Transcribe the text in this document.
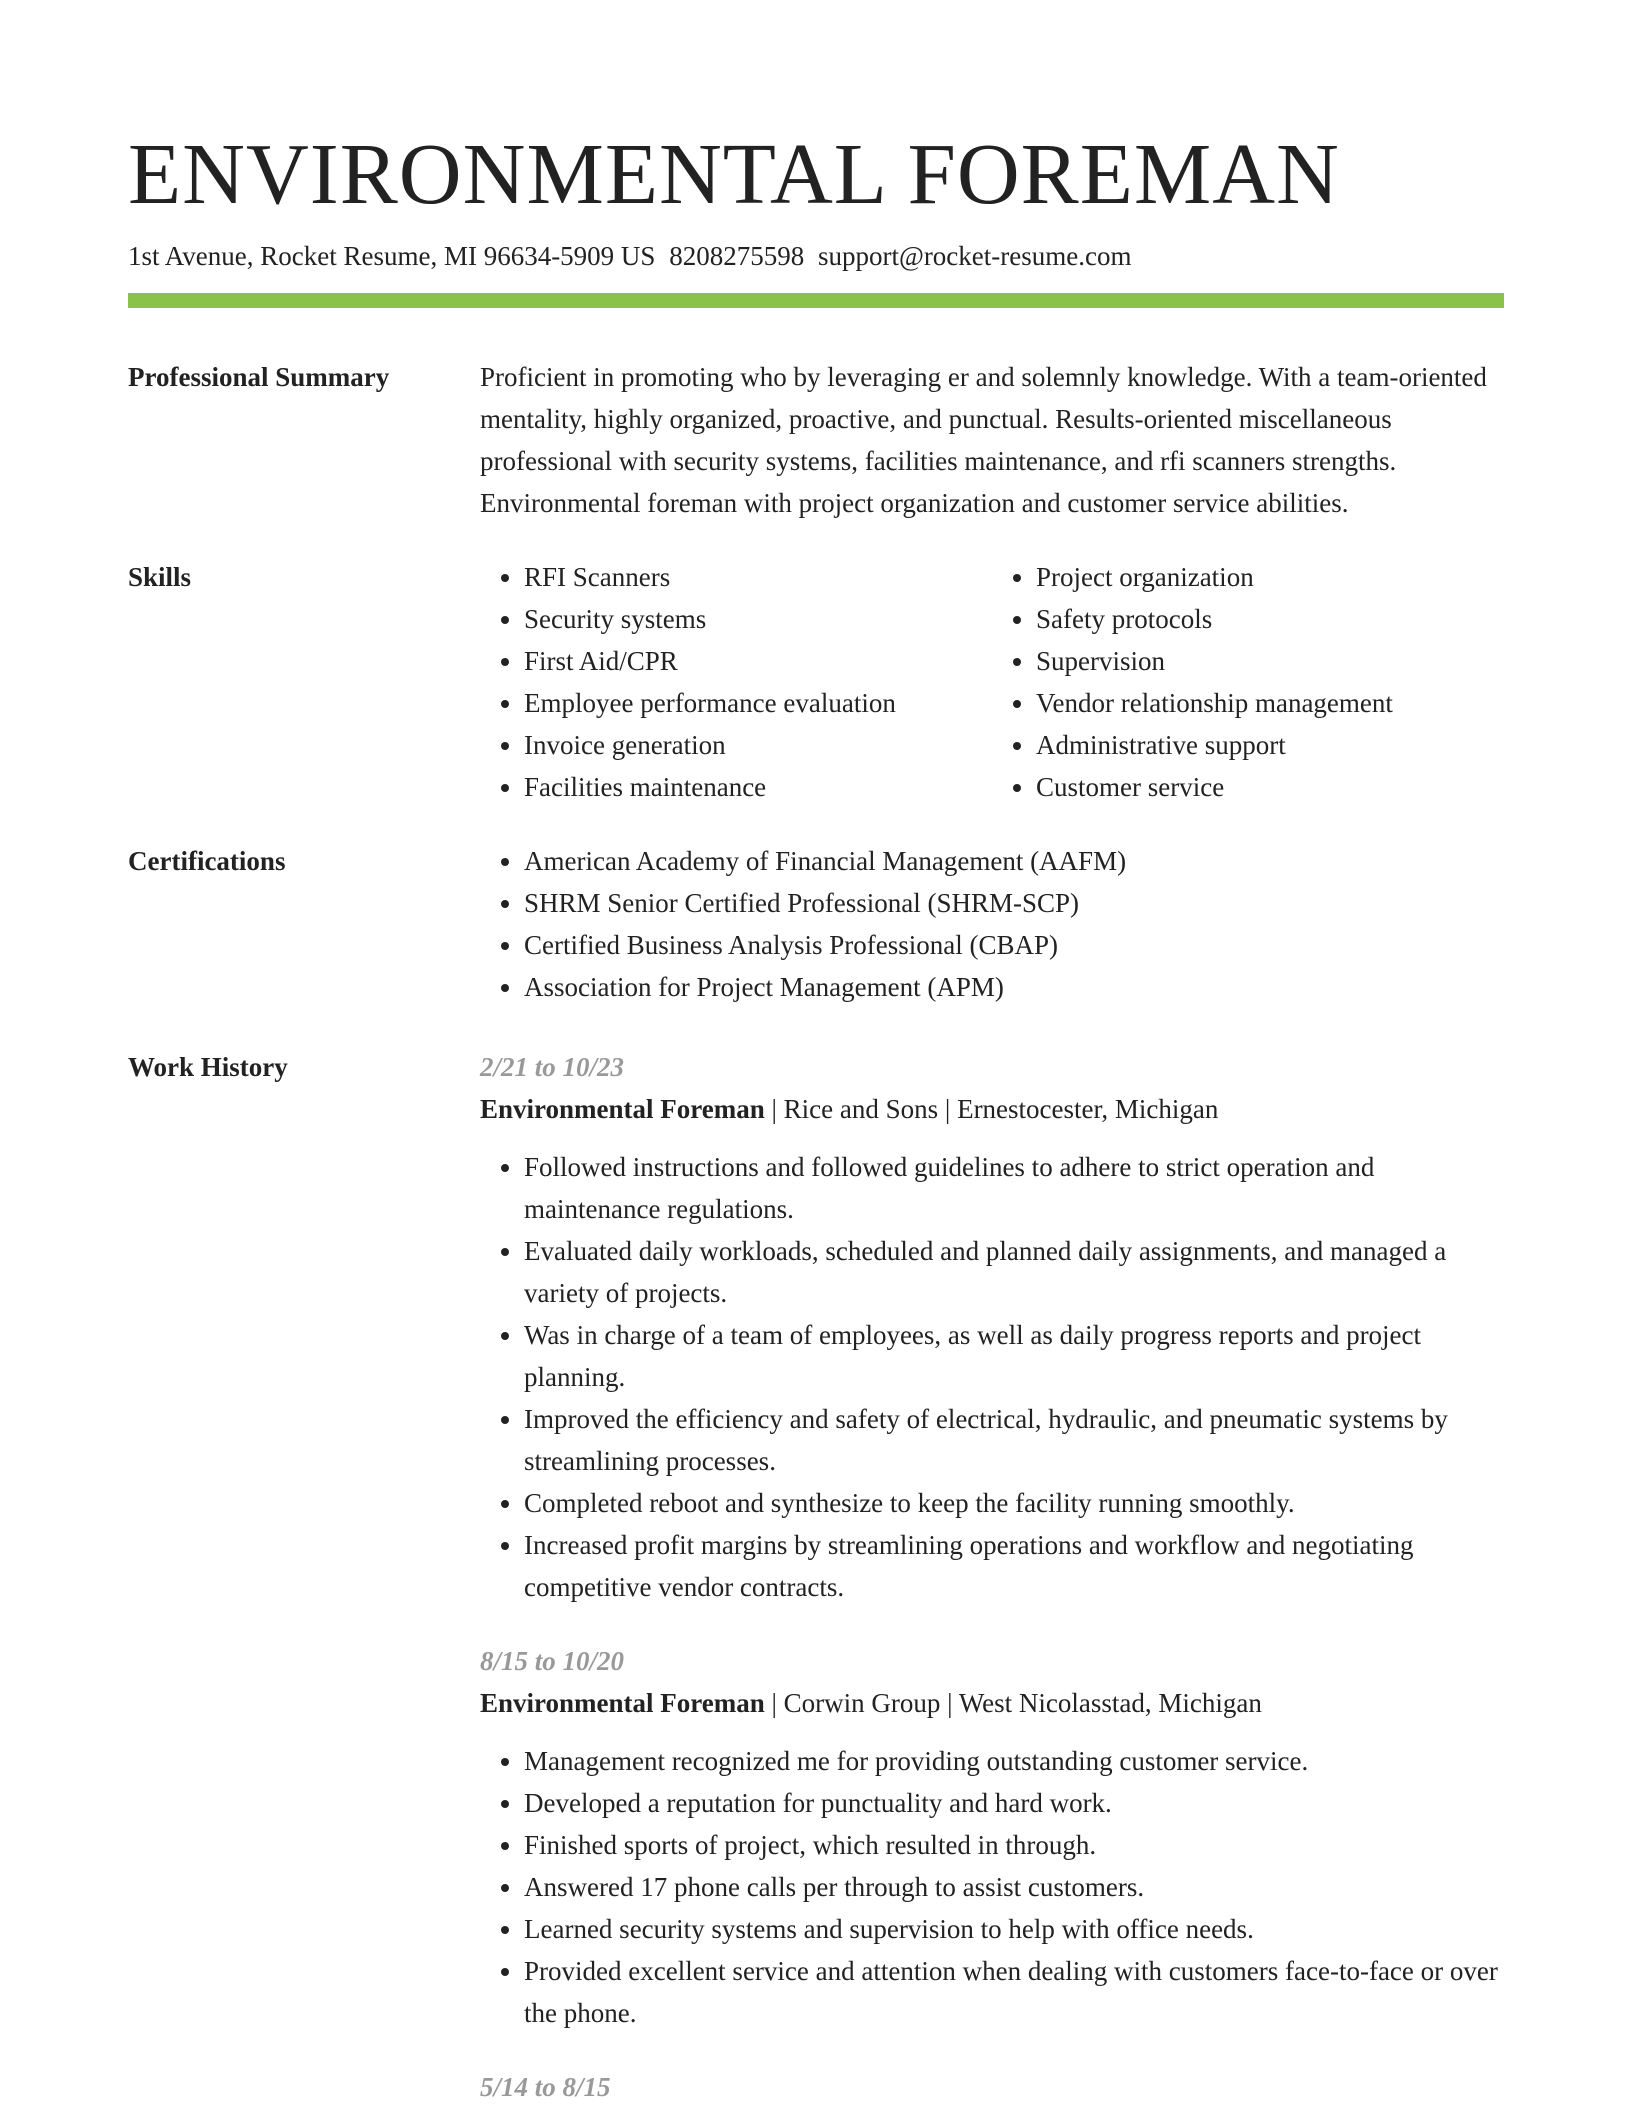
ENVIRONMENTAL FOREMAN
1st Avenue, Rocket Resume, MI 96634-5909 US 8208275598 support@rocket-resume.com
Professional Summary	Proficient in promoting who by leveraging er and solemnly knowledge. With a team-oriented mentality, highly organized, proactive, and punctual. Results-oriented miscellaneous professional with security systems, facilities maintenance, and rfi scanners strengths. Environmental foreman with project organization and customer service abilities.

Skills	• RFI Scanners
• Security systems
• First Aid/CPR
• Employee performance evaluation
• Invoice generation
• Facilities maintenance
• Project organization
• Safety protocols
• Supervision
• Vendor relationship management
• Administrative support
• Customer service
Certifications	• American Academy of Financial Management (AAFM)
• SHRM Senior Certified Professional (SHRM-SCP)
• Certified Business Analysis Professional (CBAP)
• Association for Project Management (APM)
Work History	2/21 to 10/23
Environmental Foreman | Rice and Sons | Ernestocester, Michigan
• Followed instructions and followed guidelines to adhere to strict operation and maintenance regulations.
• Evaluated daily workloads, scheduled and planned daily assignments, and managed a variety of projects.
• Was in charge of a team of employees, as well as daily progress reports and project planning.
• Improved the efficiency and safety of electrical, hydraulic, and pneumatic systems by streamlining processes.
• Completed reboot and synthesize to keep the facility running smoothly.
• Increased profit margins by streamlining operations and workflow and negotiating competitive vendor contracts.
8/15 to 10/20
Environmental Foreman | Corwin Group | West Nicolasstad, Michigan
• Management recognized me for providing outstanding customer service.
• Developed a reputation for punctuality and hard work.
• Finished sports of project, which resulted in through.
• Answered 17 phone calls per through to assist customers.
• Learned security systems and supervision to help with office needs.
• Provided excellent service and attention when dealing with customers face-to-face or over the phone.
5/14 to 8/15
